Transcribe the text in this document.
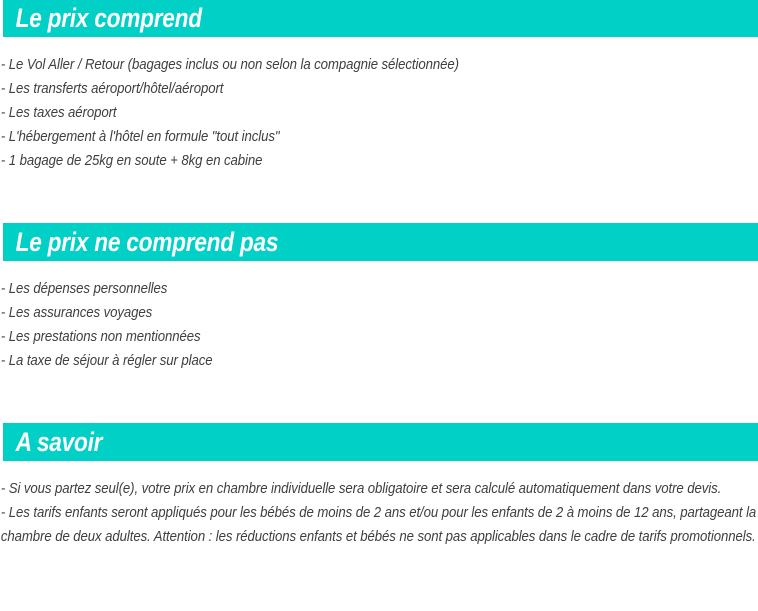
Le prix comprend

- Le Vol Aller / Retour (bagages inclus ou non selon la compagnie sélectionnée)

- Les transferts aéroport/hôtel/aéroport

- Les taxes aéroport

- L'hébergement à l'hôtel en formule "tout inclus"

- 1 bagage de 25kg en soute + 8kg en cabine

Le prix ne comprend pas

- Les dépenses personnelles

- Les assurances voyages

- Les prestations non mentionnées

- La taxe de séjour à régler sur place

A savoir

- Si vous partez seul(e), votre prix en chambre individuelle sera obligatoire et sera calculé automatiquement dans votre devis.

- Les tarifs enfants seront appliqués pour les bébés de moins de 2 ans et/ou pour les enfants de 2 à moins de 12 ans, partageant la chambre de deux adultes. Attention : les réductions enfants et bébés ne sont pas applicables dans le cadre de tarifs promotionnels.
